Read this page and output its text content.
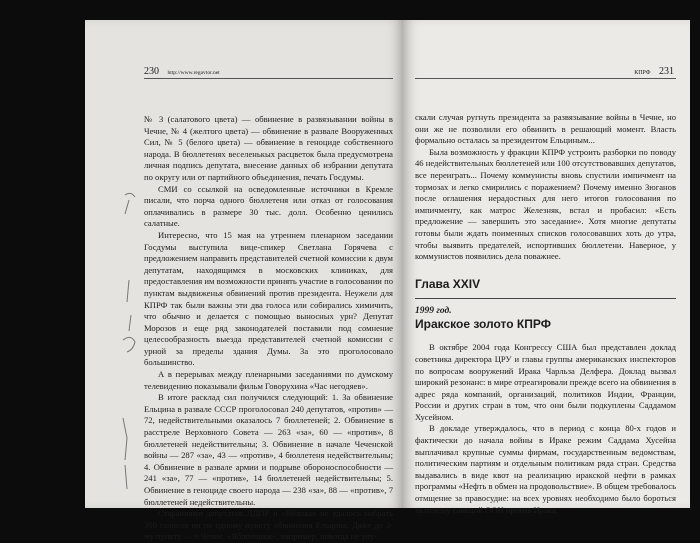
230 http://www.regavtor.net

№ 3 (салатового цвета) — обвинение в развязывании войны в Чечне, № 4 (желтого цвета) — обвинение в развале Вооруженных Сил, № 5 (белого цвета) — обвинение в геноциде собственного народа. В бюллетенях веселенькых расцветок была предусмотрена личная подпись депутата, внесение данных об избрании депутата по округу или от партийного объединения, печать Госдумы.

СМИ со ссылкой на осведомленные источники в Кремле писали, что порча одного бюллетеня или отказ от голосования оплачивались в размере 30 тыс. долл. Особенно ценились салатные.

Интересно, что 15 мая на утреннем пленарном заседании Госдумы выступила вице-спикер Светлана Горячева с предложением направить представителей счетной комиссии к двум депутатам, находящимся в московских клиниках, для предоставления им возможности принять участие в голосовании по пунктам выдвиженья обвинений против президента. Неужели для КПРФ так были важны эти два голоса или собирались химичить, что обычно и делается с помощью выносных урн? Депутат Морозов и еще ряд законодателей поставили под сомнение целесообразность выезда представителей счетной комиссии с урной за пределы здания Думы. За это проголосовало большинство.

А в перерывах между пленарными заседаниями по думскому телевидению показывали фильм Говорухина «Час негодяев».

В итоге расклад сил получился следующий: 1. За обвинение Ельцина в развале СССР проголосовал 240 депутатов, «против» — 72, недействительными оказалось 7 бюллетеней; 2. Обвинение в расстреле Верховного Совета — 263 «за», 60 — «против», 8 бюллетеней недействительны; 3. Обвинение в начале Чеченской войны — 287 «за», 43 — «против», 4 бюллетеня недействительны; 4. Обвинение в развале армии и подрыве обороноспособности — 241 «за», 77 — «против», 14 бюллетеней недействительны; 5. Обвинение в геноциде своего народа — 238 «за», 88 — «против», 7 бюллетеней недействительны.

Стараниями депутатов ЛДПР и «Яблока» не удалось набрать 300 голосов ни по одному пункту обвинения Ельцина. Даже до 3-му пункту — о Чечне. «Яблочники», например, никогда не упу-

КПРФ 231

скали случая ругнуть президента за развязывание войны в Чечне, но они же не позволили его обвинить в решающий момент. Власть формально осталась за президентом Ельциным...

Была возможность у фракции КПРФ устроить разборки по поводу 46 недействительных бюллетеней или 100 отсутствовавших депутатов, все переиграть... Почему коммунисты вновь спустили импичмент на тормозах и легко смирились с поражением? Почему именно Зюганов после оглашения нерадостных для него итогов голосования по импичменту, как матрос Железняк, встал и пробасил: «Есть предложение — завершить это заседание». Хотя многие депутаты готовы были ждать поименных списков голосовавших хоть до утра, чтобы выявить предателей, испортивших бюллетени. Наверное, у коммунистов появились дела поважнее.

Глава XXIV
1999 год.
Иракское золото КПРФ

В октябре 2004 года Конгрессу США был представлен доклад советника директора ЦРУ и главы группы американских инспекторов по вопросам вооружений Ирака Чарльза Делфера. Доклад вызвал широкий резонанс: в мире отреагировали прежде всего на обвинения в адрес ряда компаний, организаций, политиков Индии, Франции, России и других стран в том, что они были подкуплены Саддамом Хусейном.

В докладе утверждалось, что в период с конца 80-х годов и фактически до начала войны в Ираке режим Саддама Хусейна выплачивал крупные суммы фирмам, государственным ведомствам, политическим партиям и отдельным политикам ряда стран. Средства выдавались в виде квот на реализацию иракской нефти в рамках программы «Нефть в обмен на продовольствие». В общем требовалось отмщение за правосудие: на всех уровнях необходимо было бороться за отмену санкций ООН против Ирака,
